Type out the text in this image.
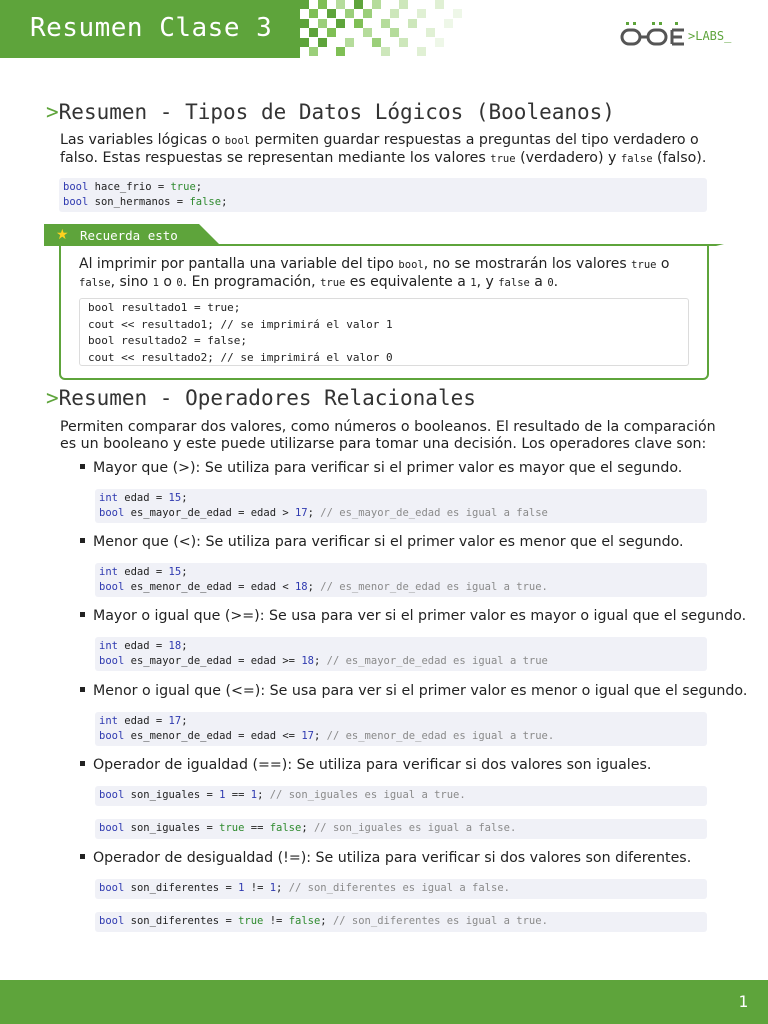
Resumen Clase 3	>LABS_
>Resumen - Tipos de Datos Lógicos (Booleanos)
Las variables lógicas o bool permiten guardar respuestas a preguntas del tipo verdadero o falso. Estas respuestas se representan mediante los valores true (verdadero) y false (falso).
bool hace_frio = true;
bool son_hermanos = false;
★ Recuerda esto
Al imprimir por pantalla una variable del tipo bool, no se mostrarán los valores true o false, sino 1 o 0. En programación, true es equivalente a 1, y false a 0.
bool resultado1 = true;
cout << resultado1; // se imprimirá el valor 1
bool resultado2 = false;
cout << resultado2; // se imprimirá el valor 0
>Resumen - Operadores Relacionales
Permiten comparar dos valores, como números o booleanos. El resultado de la comparación
es un booleano y este puede utilizarse para tomar una decisión. Los operadores clave son:
Mayor que (>): Se utiliza para verificar si el primer valor es mayor que el segundo.
int edad = 15;
bool es_mayor_de_edad = edad > 17; // es_mayor_de_edad es igual a false
Menor que (<): Se utiliza para verificar si el primer valor es menor que el segundo.
int edad = 15;
bool es_menor_de_edad = edad < 18; // es_menor_de_edad es igual a true.
Mayor o igual que (>=): Se usa para ver si el primer valor es mayor o igual que el segundo.
int edad = 18;
bool es_mayor_de_edad = edad >= 18; // es_mayor_de_edad es igual a true
Menor o igual que (<=): Se usa para ver si el primer valor es menor o igual que el segundo.
int edad = 17;
bool es_menor_de_edad = edad <= 17; // es_menor_de_edad es igual a true.
Operador de igualdad (==): Se utiliza para verificar si dos valores son iguales.
bool son_iguales = 1 == 1; // son_iguales es igual a true.
bool son_iguales = true == false; // son_iguales es igual a false.
Operador de desigualdad (!=): Se utiliza para verificar si dos valores son diferentes.
bool son_diferentes = 1 != 1; // son_diferentes es igual a false.
bool son_diferentes = true != false; // son_diferentes es igual a true.
1
